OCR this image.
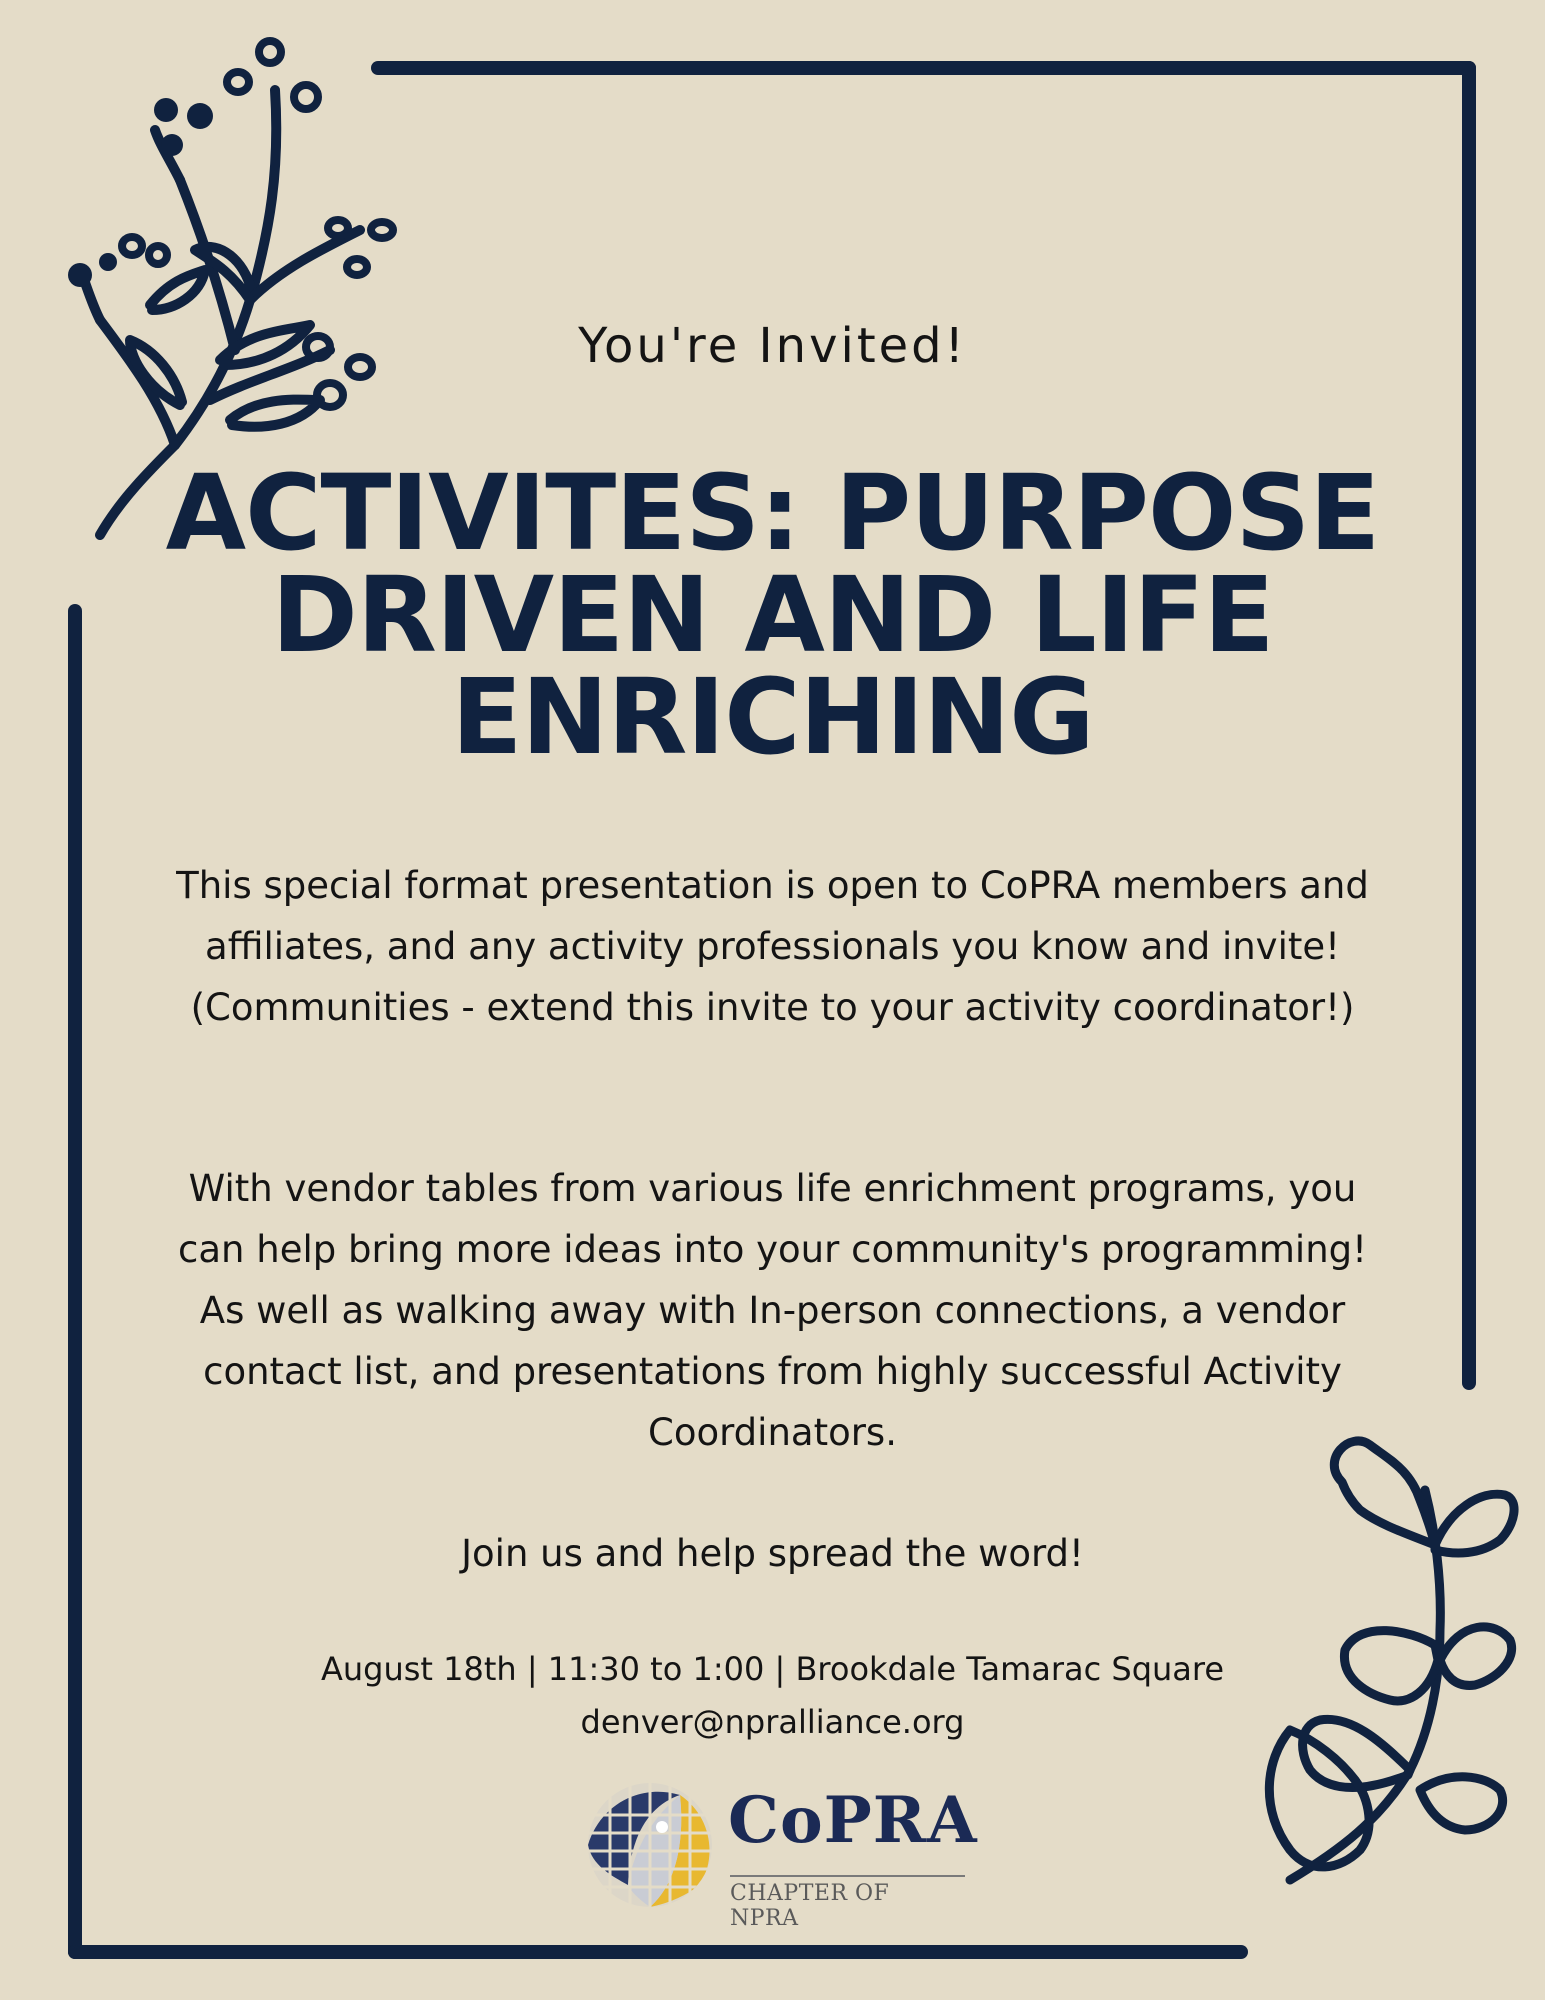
You're Invited!
ACTIVITES: PURPOSE DRIVEN AND LIFE ENRICHING
This special format presentation is open to CoPRA members and affiliates, and any activity professionals you know and invite! (Communities - extend this invite to your activity coordinator!)
With vendor tables from various life enrichment programs, you can help bring more ideas into your community's programming! As well as walking away with In-person connections, a vendor contact list, and presentations from highly successful Activity Coordinators.
Join us and help spread the word!
August 18th | 11:30 to 1:00 | Brookdale Tamarac Square
denver@npralliance.org
CoPRA
CHAPTER OF NPRA
